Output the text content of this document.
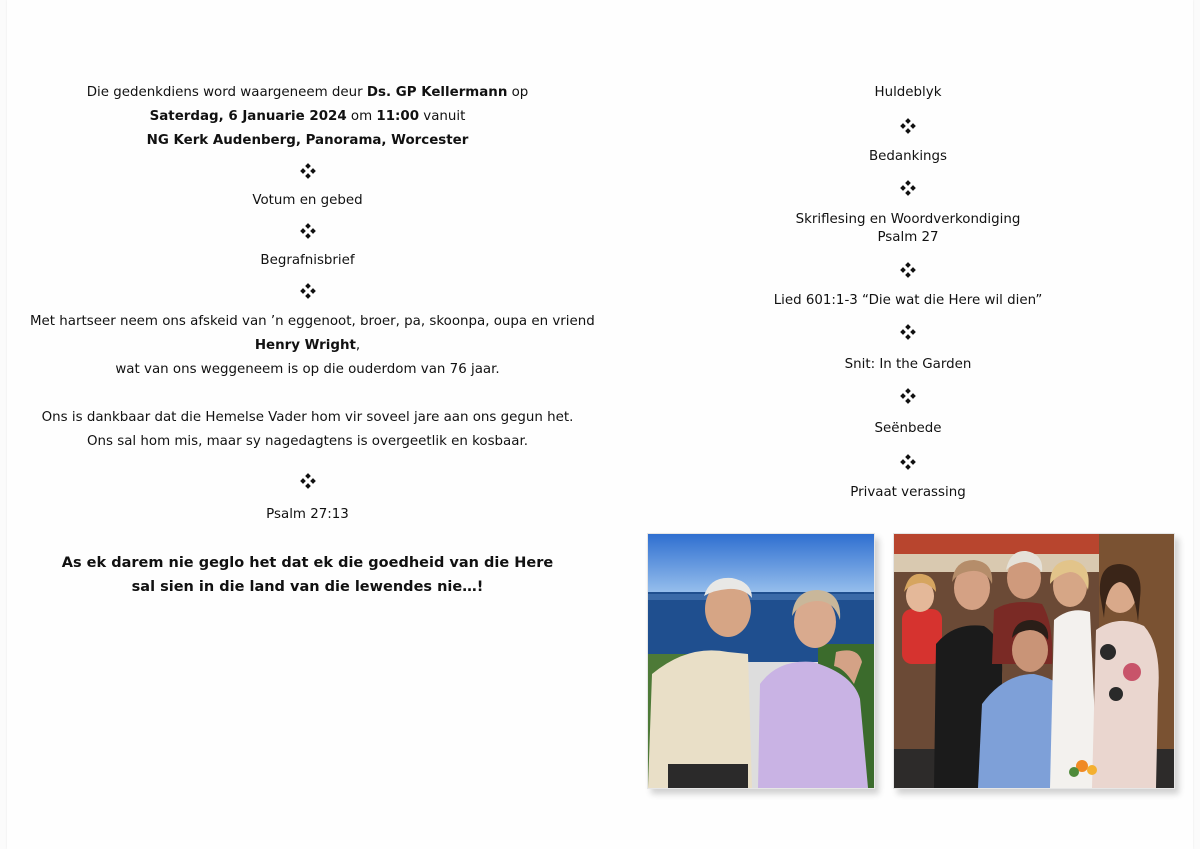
Die gedenkdiens word waargeneem deur Ds. GP Kellermann op
Saterdag, 6 Januarie 2024 om 11:00 vanuit
NG Kerk Audenberg, Panorama, Worcester
Votum en gebed
Begrafnisbrief
Met hartseer neem ons afskeid van ’n eggenoot, broer, pa, skoonpa, oupa en vriend
Henry Wright,
wat van ons weggeneem is op die ouderdom van 76 jaar.
Ons is dankbaar dat die Hemelse Vader hom vir soveel jare aan ons gegun het.
Ons sal hom mis, maar sy nagedagtens is overgeetlik en kosbaar.
Psalm 27:13
As ek darem nie geglo het dat ek die goedheid van die Here
sal sien in die land van die lewendes nie…!
Huldeblyk
Bedankings
Skriflesing en Woordverkondiging
Psalm 27
Lied 601:1-3 “Die wat die Here wil dien”
Snit: In the Garden
Seënbede
Privaat verassing
